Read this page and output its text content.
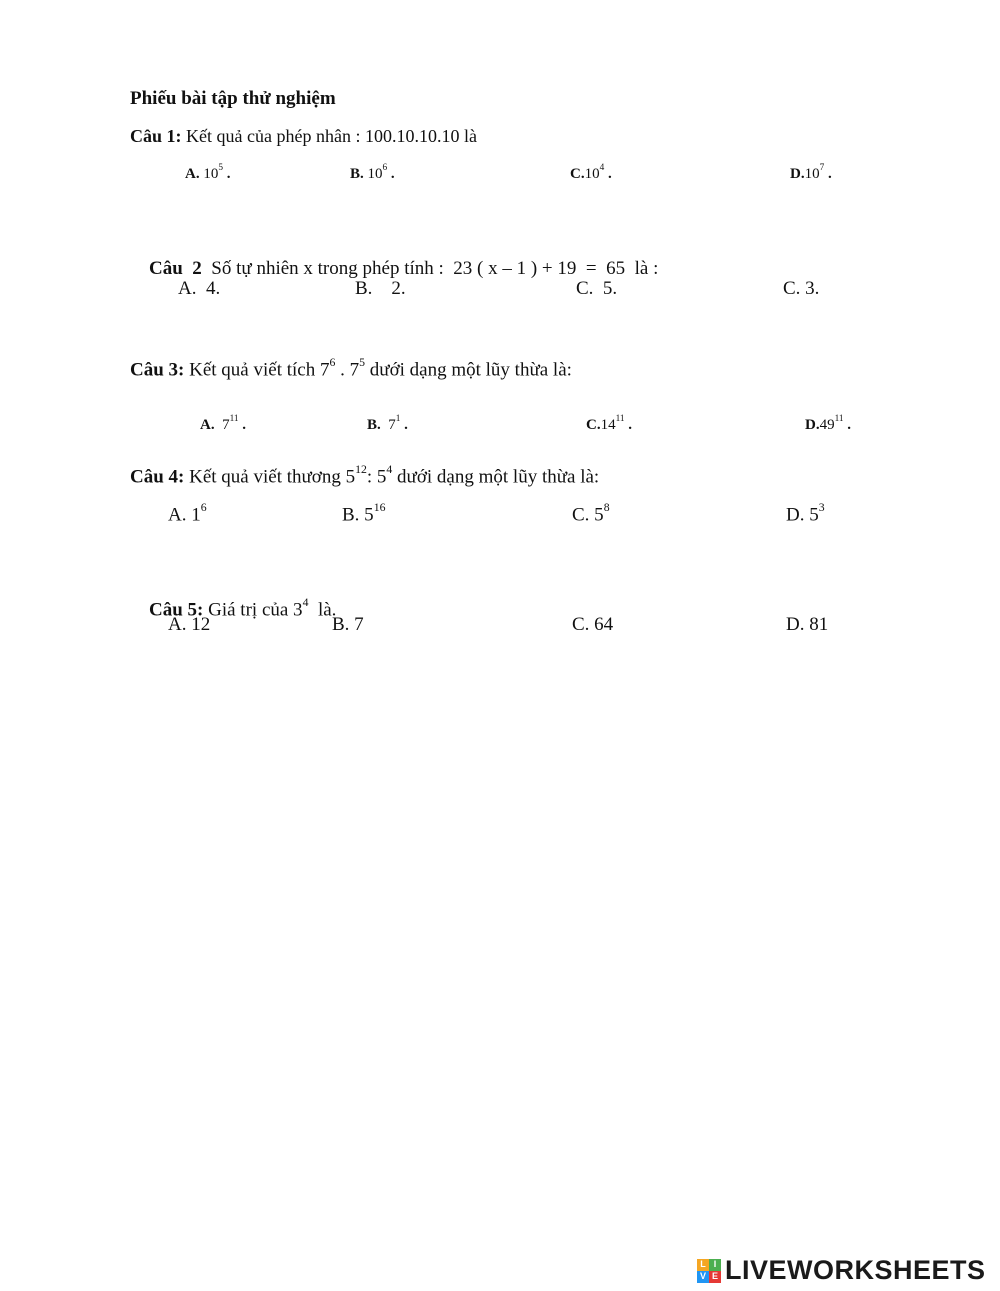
Phiếu bài tập thử nghiệm
Câu 1: Kết quả của phép nhân : 100.10.10.10 là
A. $10^5$ .	B. $10^6$ .	$C.10^4$ .	$D.10^7$ .

Câu  2  Số tự nhiên x trong phép tính :  23 ( x – 1 ) + 19  =  65  là :

A.  4.	B.    2.	C.  5.	C. 3.
Câu 3: Kết quả viết tích $7^6$ . $7^5$ dưới dạng một lũy thừa là:

A.  $7^{11}$ .
	B.  $7^1$ .
	$C.14^{11}$ .
	$D.49^{11}$ .

Câu 4: Kết quả viết thương $5^{12}$: $5^4$ dưới dạng một lũy thừa là:
A. $1^6$	B. $5^{16}$	C. $5^8$	D. $5^3$

Câu 5: Giá trị của $3^4$  là.

A. 12	B. 7	C. 64	D. 81
L I
V E LIVEWORKSHEETS
